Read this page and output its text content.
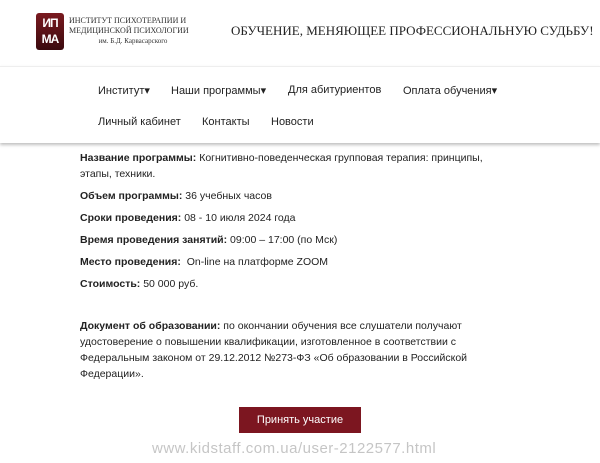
ИП
МА
ИНСТИТУТ ПСИХОТЕРАПИИ И
МЕДИЦИНСКОЙ ПСИХОЛОГИИ
им. Б.Д. Карвасарского
ОБУЧЕНИЕ, МЕНЯЮЩЕЕ ПРОФЕССИОНАЛЬНУЮ СУДЬБУ!
Институт▾ Наши программы▾ Для абитуриентов Оплата обучения▾
Личный кабинет Контакты Новости
Название программы: Когнитивно-поведенческая групповая терапия: принципы, этапы, техники.
Объем программы: 36 учебных часов
Сроки проведения: 08 - 10 июля 2024 года
Время проведения занятий: 09:00 – 17:00 (по Мск)
Место проведения:  On-line на платформе ZOOM
Стоимость: 50 000 руб.
Документ об образовании: по окончании обучения все слушатели получают удостоверение о повышении квалификации, изготовленное в соответствии с Федеральным законом от 29.12.2012 №273-ФЗ «Об образовании в Российской Федерации».
Принять участие
www.kidstaff.com.ua/user-2122577.html
